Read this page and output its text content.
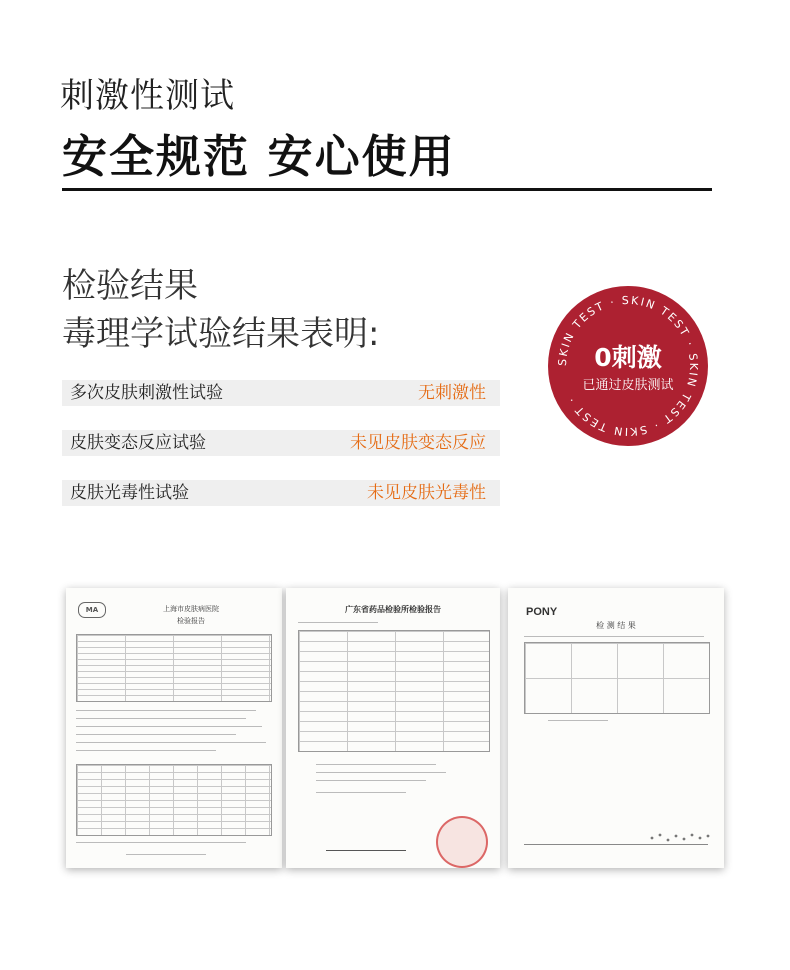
刺激性测试
安全规范 安心使用
检验结果
毒理学试验结果表明:
多次皮肤刺激性试验	无刺激性
皮肤变态反应试验	未见皮肤变态反应
皮肤光毒性试验	未见皮肤光毒性
SKIN TEST · SKIN TEST · SKIN TEST · SKIN TEST ·
0刺激
已通过皮肤测试
MA	上海市皮肤病医院
检验报告
广东省药品检验所检验报告	PONY
检 测 结 果
